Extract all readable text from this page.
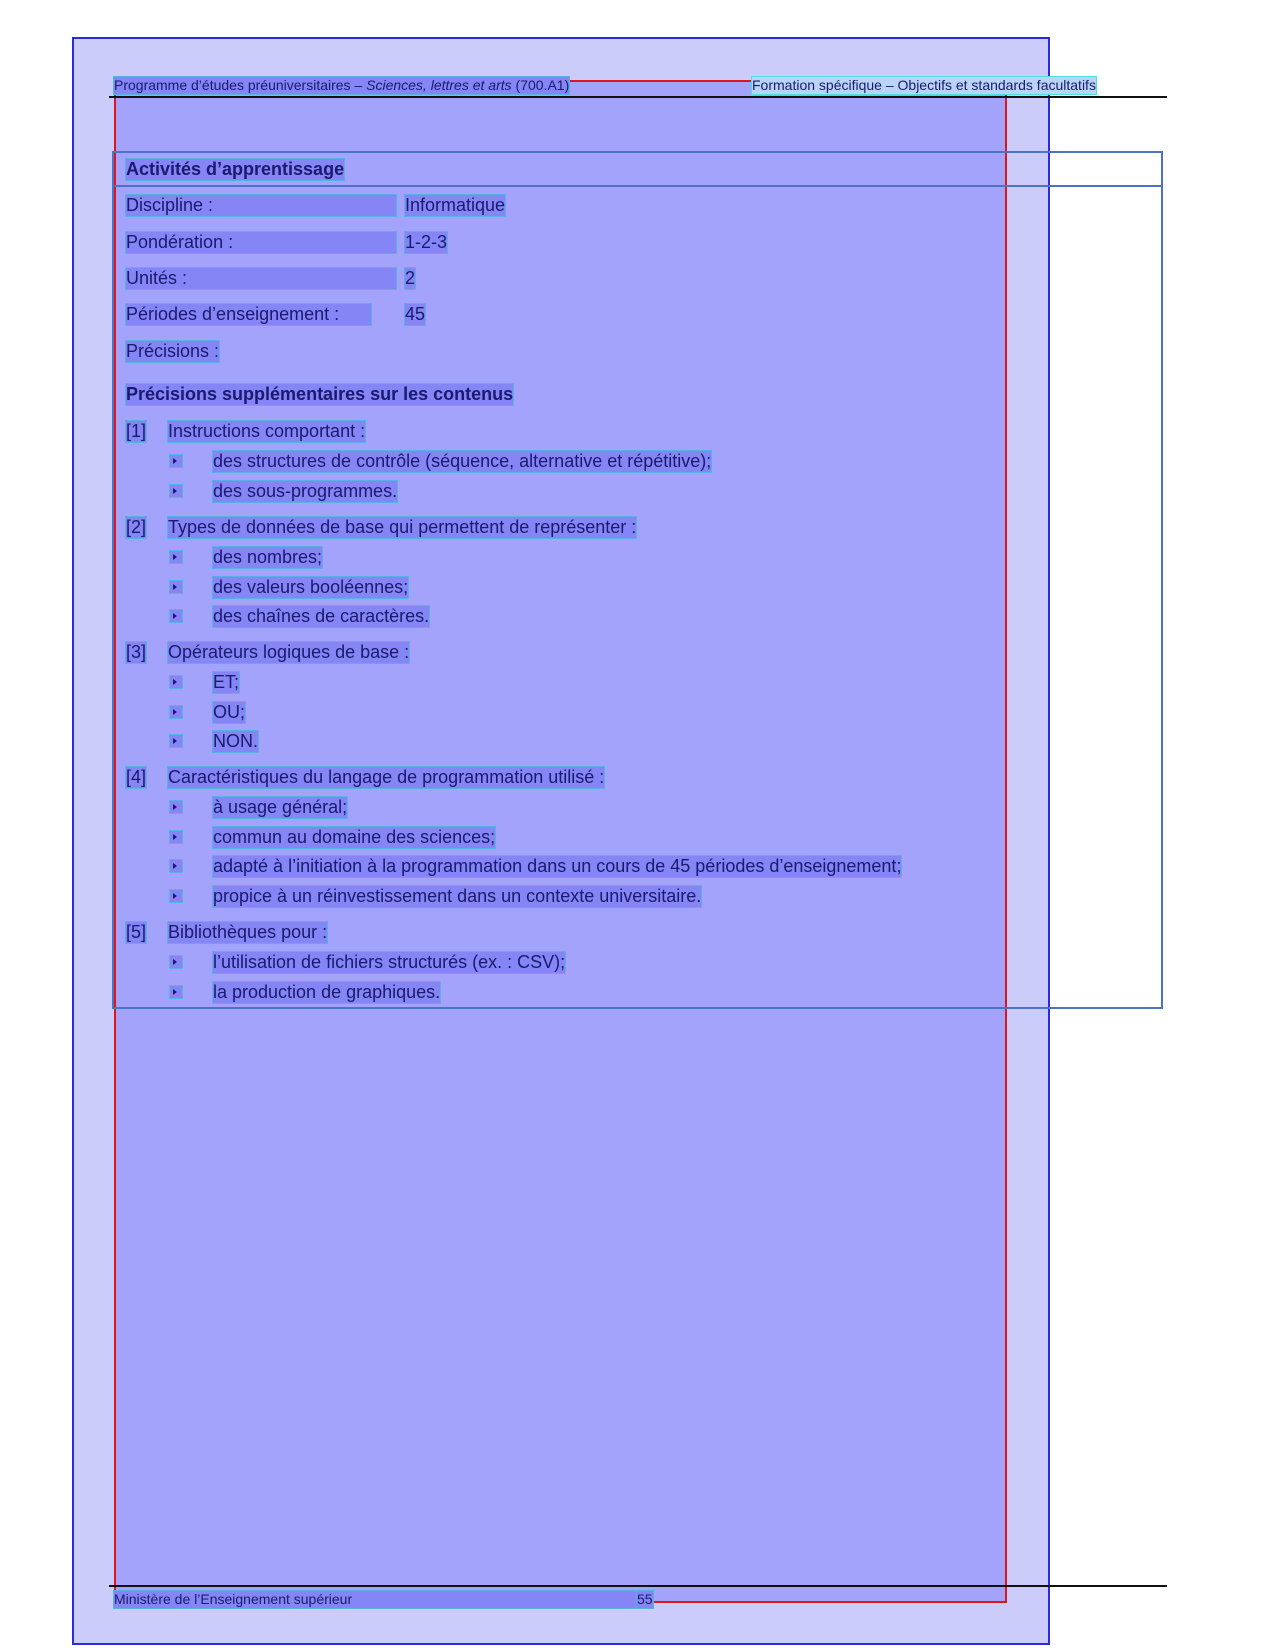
Programme d’études préuniversitaires – Sciences, lettres et arts (700.A1)	Formation spécifique – Objectifs et standards facultatifs
Activités d’apprentissage
Discipline :	Informatique
Pondération :	1-2-3
Unités :	2
Périodes d’enseignement :	45
Précisions :
Précisions supplémentaires sur les contenus
[1] Instructions comportant :
des structures de contrôle (séquence, alternative et répétitive);
des sous-programmes.
[2] Types de données de base qui permettent de représenter :
des nombres;
des valeurs booléennes;
des chaînes de caractères.
[3] Opérateurs logiques de base :
ET;
OU;
NON.
[4] Caractéristiques du langage de programmation utilisé :
à usage général;
commun au domaine des sciences;
adapté à l’initiation à la programmation dans un cours de 45 périodes d’enseignement;
propice à un réinvestissement dans un contexte universitaire.
[5] Bibliothèques pour :
l’utilisation de fichiers structurés (ex. : CSV);
la production de graphiques.
Ministère de l’Enseignement supérieur	55
